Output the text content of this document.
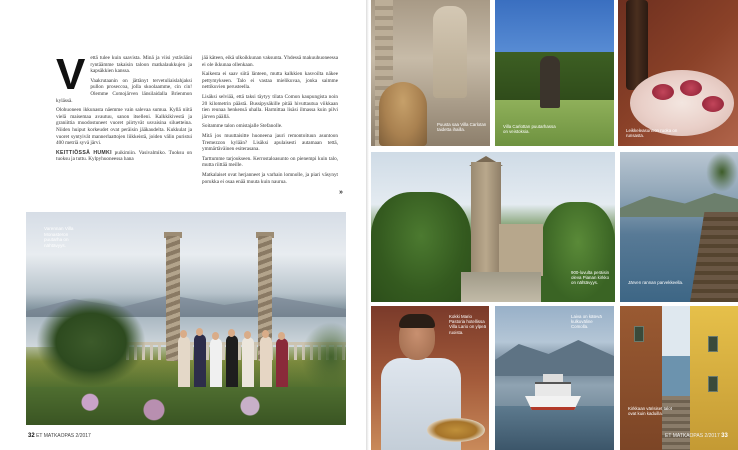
V että tulee kuin saavista. Minä ja viisi ystävääni ryntäämme takaisin taloon matkalaukkujen ja kapsäkkien kanssa.

Vaakrutaanin on jättänyt tervetuliaislahjaksi pullon proseccoa, jolla skoolaamme, cin cin! Olemme Comojärven länsilaidalla Brienmon kylässä.

Olohuoneen ikkunasta näemme vain salevaa sumua. Kyllä niitä vielä maisemaa avautuu, sanon itselleni. Kalkkikivestä ja graniittiа muodostuneet vuoret piirtyvät usvaisina siluetteina. Niiden huiput korkeudet ovat peräisin jääkaudelta. Kukkulat ja vuoret syntyivät mannerlaattojen liikkeistä, joiden välin puristui 400 metriä syvä järvi.

KEITTIÖSSÄ HUMKI puikimiin. Vasivalmiko. Tuoksu on tuoksu ja tuttu. Kylpyhuoneessa hana

jää käteen, eikä ulkoikkunan vaksunta. Yhdessä makuuhuoneessa ei ole ikkunaa ollenkaan.

Kaikesta ei saav siitä länteen, mutta kalkkien kasvoilta näkee pettymykseen. Talo ei vastaa mielikuvaa, jonka saimme nettikuvien perusteella.

Lisäksi selviää, että taksi täytyy tilata Comon kaupungista noin 20 kilometrin päästä. Bussipysäkille pitää hivuttautua viikkaan tien reunaa henkensä uhalla. Harmittaa lisäsi ilmassa kuin pilvi järven päällä.

Soitamme talon omistajalle Stefanolle.

Mitä jos muuttaisitte huoneena jauri remontoituun asuntoon Tremezzon kylään? Lisäksi apulaisesti autamaan tettä, ymmärtäväinen esiterasana.

Tarttumme tarjoukseen. Kerrostaloasunto on pienempi kuin talo, mutta riittää meille.

Matkalaiset ovat herjanneet ja varhain lomnolle, ja piari väsynyt porukka ei osaa enää muuta kuin naurua.

»
Varennan Villa Monasteron puutarha on nähtävyys.
Puusta saa Villa Carlotan taidetta ihailla.
Villa Carlottan puutarhassa on veistoksia.	Leikkeleasunnon ruoka on runsasta.
900-luvulta peräisin oleva Pianan kirkko on nähtävyys.	Järven rannan parvekkeella.
Kokki Mario Pastoria hotellissa Villa Lario on ylpeä ruoista.
Laiva on kätevä kulkuväline Comolla.
Kirkkaan värisiset talot ovat kuin kaduilla.
32 ET MATKAOPAS 2/2017	ET MATKAOPAS 2/2017 33
